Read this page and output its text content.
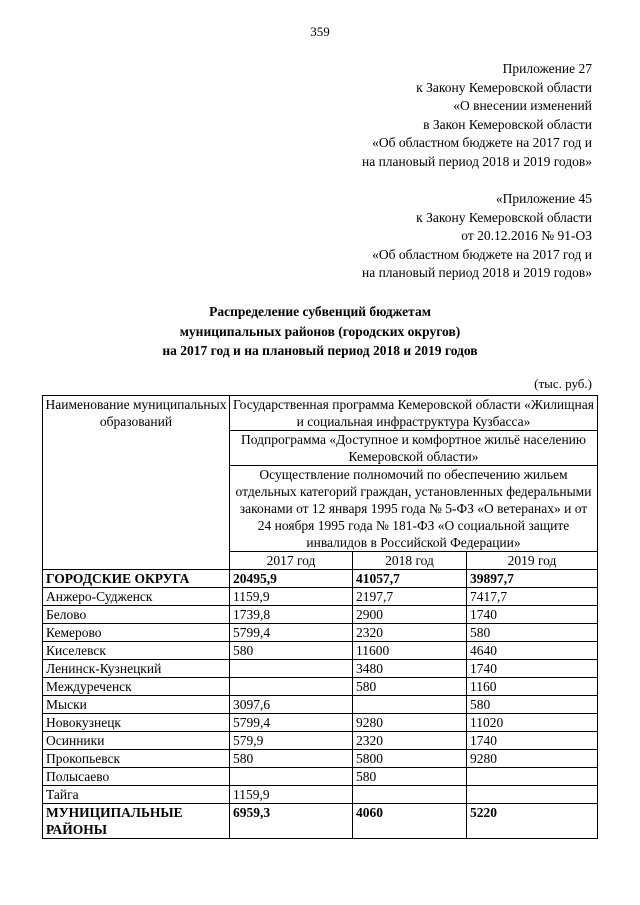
359
Приложение 27
к Закону Кемеровской области
«О внесении изменений
в Закон Кемеровской области
«Об областном бюджете на 2017 год и
на плановый период 2018 и 2019 годов»
«Приложение 45
к Закону Кемеровской области
от 20.12.2016 № 91-ОЗ
«Об областном бюджете на 2017 год и
на плановый период 2018 и 2019 годов»
Распределение субвенций бюджетам
муниципальных районов (городских округов)
на 2017 год и на плановый период 2018 и 2019 годов
(тыс. руб.)
Наименование муниципальных образований	Государственная программа Кемеровской области «Жилищная и социальная инфраструктура Кузбасса»		
	Подпрограмма «Доступное и комфортное жильё населению Кемеровской области»		
	Осуществление полномочий по обеспечению жильем отдельных категорий граждан, установленных федеральными законами от 12 января 1995 года № 5-ФЗ «О ветеранах» и от 24 ноября 1995 года № 181-ФЗ «О социальной защите инвалидов в Российской Федерации»		
	2017 год	2018 год	2019 год
ГОРОДСКИЕ ОКРУГА	20495,9	41057,7	39897,7
Анжеро-Судженск	1159,9	2197,7	7417,7
Белово	1739,8	2900	1740
Кемерово	5799,4	2320	580
Киселевск	580	11600	4640
Ленинск-Кузнецкий		3480	1740
Междуреченск		580	1160
Мыски	3097,6		580
Новокузнецк	5799,4	9280	11020
Осинники	579,9	2320	1740
Прокопьевск	580	5800	9280
Полысаево		580	
Тайга	1159,9		
МУНИЦИПАЛЬНЫЕ РАЙОНЫ	6959,3	4060	5220
